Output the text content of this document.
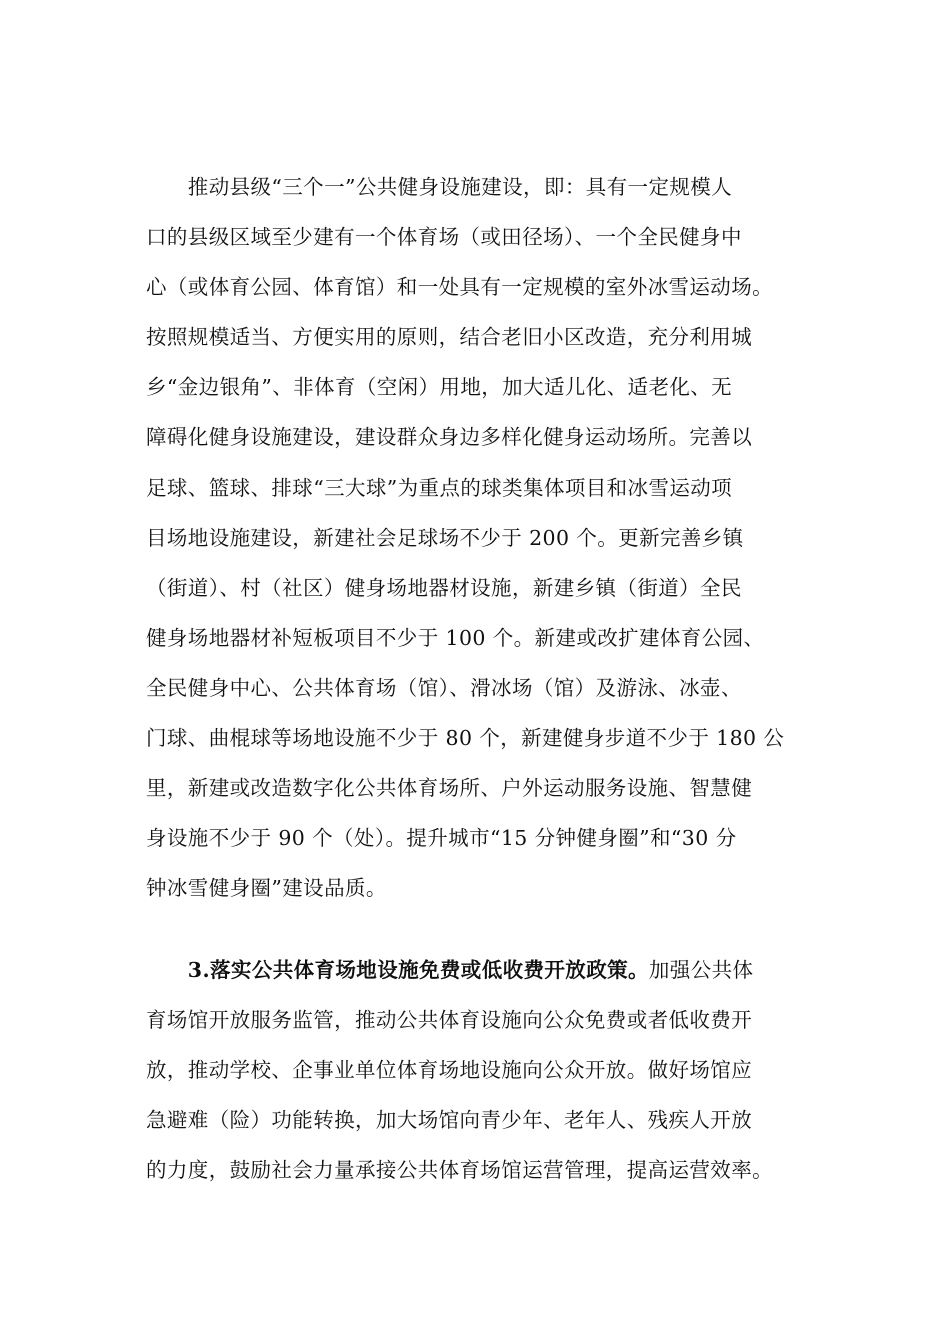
　　推动县级“三个一”公共健身设施建设，即：具有一定规模人
口的县级区域至少建有一个体育场（或田径场）、一个全民健身中
心（或体育公园、体育馆）和一处具有一定规模的室外冰雪运动场。
按照规模适当、方便实用的原则，结合老旧小区改造，充分利用城
乡“金边银角”、非体育（空闲）用地，加大适儿化、适老化、无
障碍化健身设施建设，建设群众身边多样化健身运动场所。完善以
足球、篮球、排球“三大球”为重点的球类集体项目和冰雪运动项
目场地设施建设，新建社会足球场不少于 200 个。更新完善乡镇
（街道）、村（社区）健身场地器材设施，新建乡镇（街道）全民
健身场地器材补短板项目不少于 100 个。新建或改扩建体育公园、
全民健身中心、公共体育场（馆）、滑冰场（馆）及游泳、冰壶、
门球、曲棍球等场地设施不少于 80 个，新建健身步道不少于 180 公
里，新建或改造数字化公共体育场所、户外运动服务设施、智慧健
身设施不少于 90 个（处）。提升城市“15 分钟健身圈”和“30 分
钟冰雪健身圈”建设品质。
　　3.落实公共体育场地设施免费或低收费开放政策。加强公共体
育场馆开放服务监管，推动公共体育设施向公众免费或者低收费开
放，推动学校、企事业单位体育场地设施向公众开放。做好场馆应
急避难（险）功能转换，加大场馆向青少年、老年人、残疾人开放
的力度，鼓励社会力量承接公共体育场馆运营管理，提高运营效率。
